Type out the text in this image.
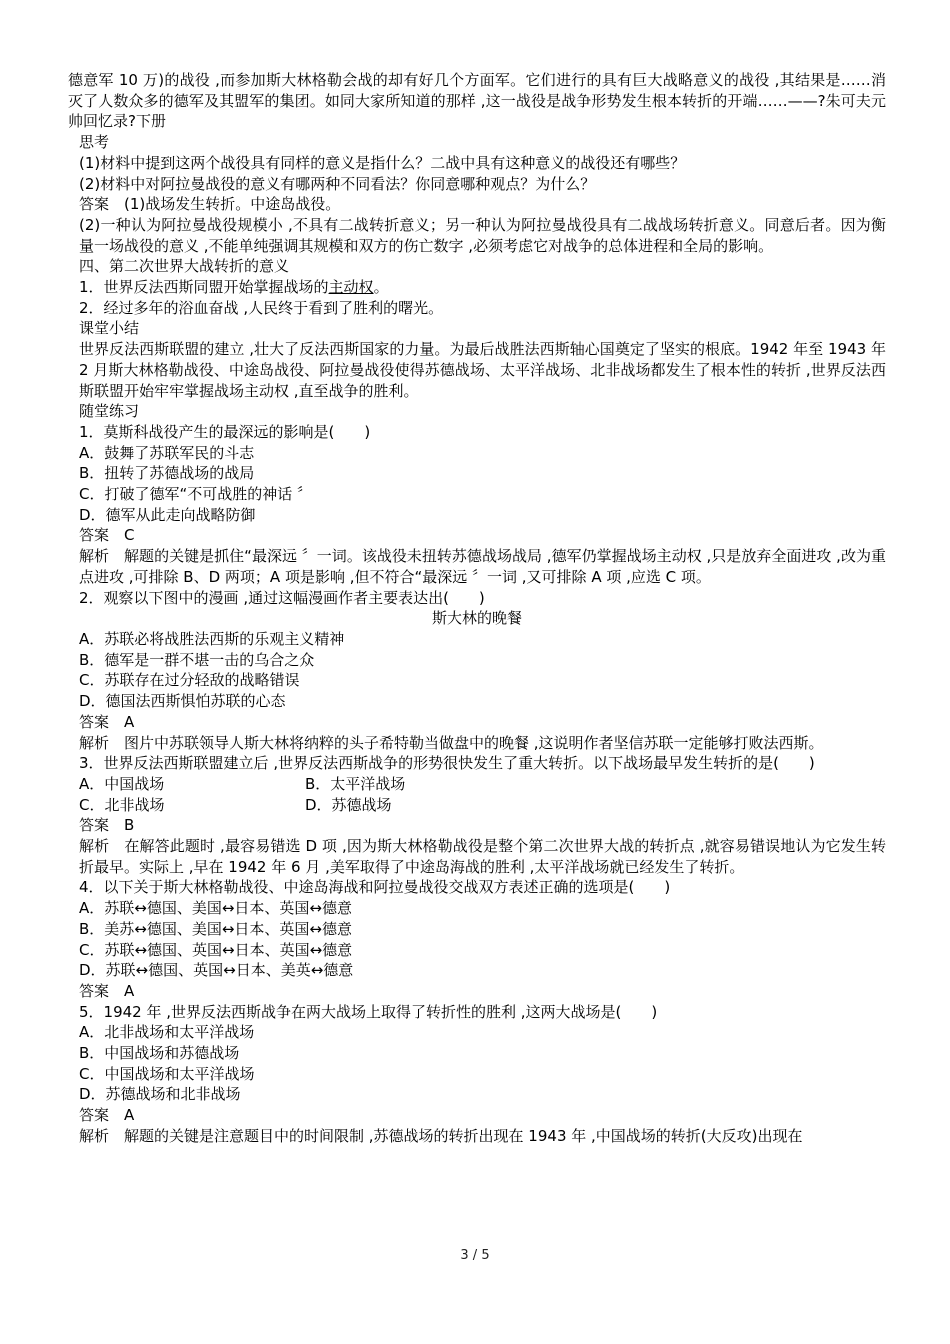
德意军 10 万)的战役 ,而参加斯大林格勒会战的却有好几个方面军。它们进行的具有巨大战略意义的战役 ,其结果是……消灭了人数众多的德军及其盟军的集团。如同大家所知道的那样 ,这一战役是战争形势发生根本转折的开端……——?朱可夫元帅回忆录?下册

思考

(1)材料中提到这两个战役具有同样的意义是指什么？二战中具有这种意义的战役还有哪些？

(2)材料中对阿拉曼战役的意义有哪两种不同看法？你同意哪种观点？为什么？

答案　(1)战场发生转折。中途岛战役。

(2)一种认为阿拉曼战役规模小 ,不具有二战转折意义；另一种认为阿拉曼战役具有二战战场转折意义。同意后者。因为衡量一场战役的意义 ,不能单纯强调其规模和双方的伤亡数字 ,必须考虑它对战争的总体进程和全局的影响。

四、第二次世界大战转折的意义

1．世界反法西斯同盟开始掌握战场的主动权。

2．经过多年的浴血奋战 ,人民终于看到了胜利的曙光。

课堂小结

世界反法西斯联盟的建立 ,壮大了反法西斯国家的力量。为最后战胜法西斯轴心国奠定了坚实的根底。1942 年至 1943 年 2 月斯大林格勒战役、中途岛战役、阿拉曼战役使得苏德战场、太平洋战场、北非战场都发生了根本性的转折 ,世界反法西斯联盟开始牢牢掌握战场主动权 ,直至战争的胜利。

随堂练习

1．莫斯科战役产生的最深远的影响是(　　)

A．鼓舞了苏联军民的斗志

B．扭转了苏德战场的战局

C．打破了德军“不可战胜的神话 〞

D．德军从此走向战略防御

答案　C

解析　解题的关键是抓住“最深远 〞一词。该战役未扭转苏德战场战局 ,德军仍掌握战场主动权 ,只是放弃全面进攻 ,改为重点进攻 ,可排除 B、D 两项；A 项是影响 ,但不符合“最深远 〞一词 ,又可排除 A 项 ,应选 C 项。

2．观察以下图中的漫画 ,通过这幅漫画作者主要表达出(　　)

斯大林的晚餐

A．苏联必将战胜法西斯的乐观主义精神

B．德军是一群不堪一击的乌合之众

C．苏联存在过分轻敌的战略错误

D．德国法西斯惧怕苏联的心态

答案　A

解析　图片中苏联领导人斯大林将纳粹的头子希特勒当做盘中的晚餐 ,这说明作者坚信苏联一定能够打败法西斯。

3．世界反法西斯联盟建立后 ,世界反法西斯战争的形势很快发生了重大转折。以下战场最早发生转折的是(　　)

A．中国战场	B．太平洋战场
C．北非战场	D．苏德战场

答案　B

解析　在解答此题时 ,最容易错选 D 项 ,因为斯大林格勒战役是整个第二次世界大战的转折点 ,就容易错误地认为它发生转折最早。实际上 ,早在 1942 年 6 月 ,美军取得了中途岛海战的胜利 ,太平洋战场就已经发生了转折。

4．以下关于斯大林格勒战役、中途岛海战和阿拉曼战役交战双方表述正确的选项是(　　)

A．苏联↔德国、美国↔日本、英国↔德意

B．美苏↔德国、美国↔日本、英国↔德意

C．苏联↔德国、英国↔日本、英国↔德意

D．苏联↔德国、英国↔日本、美英↔德意

答案　A

5．1942 年 ,世界反法西斯战争在两大战场上取得了转折性的胜利 ,这两大战场是(　　)

A．北非战场和太平洋战场

B．中国战场和苏德战场

C．中国战场和太平洋战场

D．苏德战场和北非战场

答案　A

解析　解题的关键是注意题目中的时间限制 ,苏德战场的转折出现在 1943 年 ,中国战场的转折(大反攻)出现在

3 / 5
